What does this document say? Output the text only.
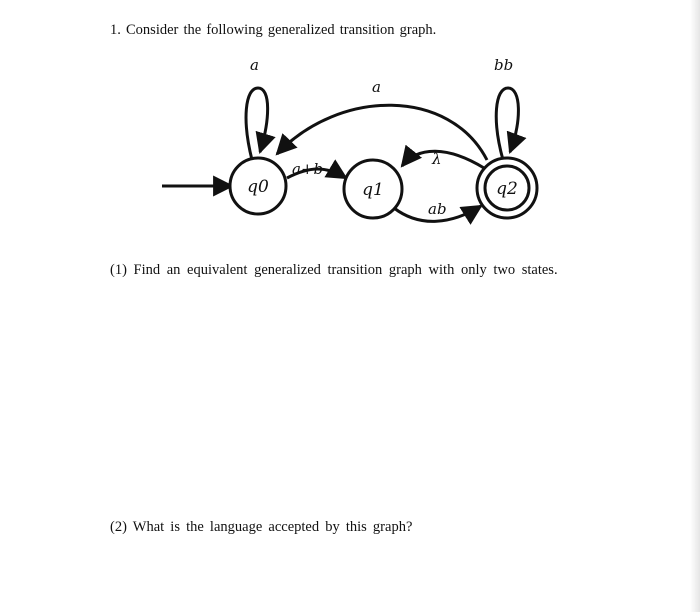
1. Consider the following generalized transition graph.
a	bb
a
a+b
λ
ab
q0	q1	q2
(1) Find an equivalent generalized transition graph with only two states.
(2) What is the language accepted by this graph?
